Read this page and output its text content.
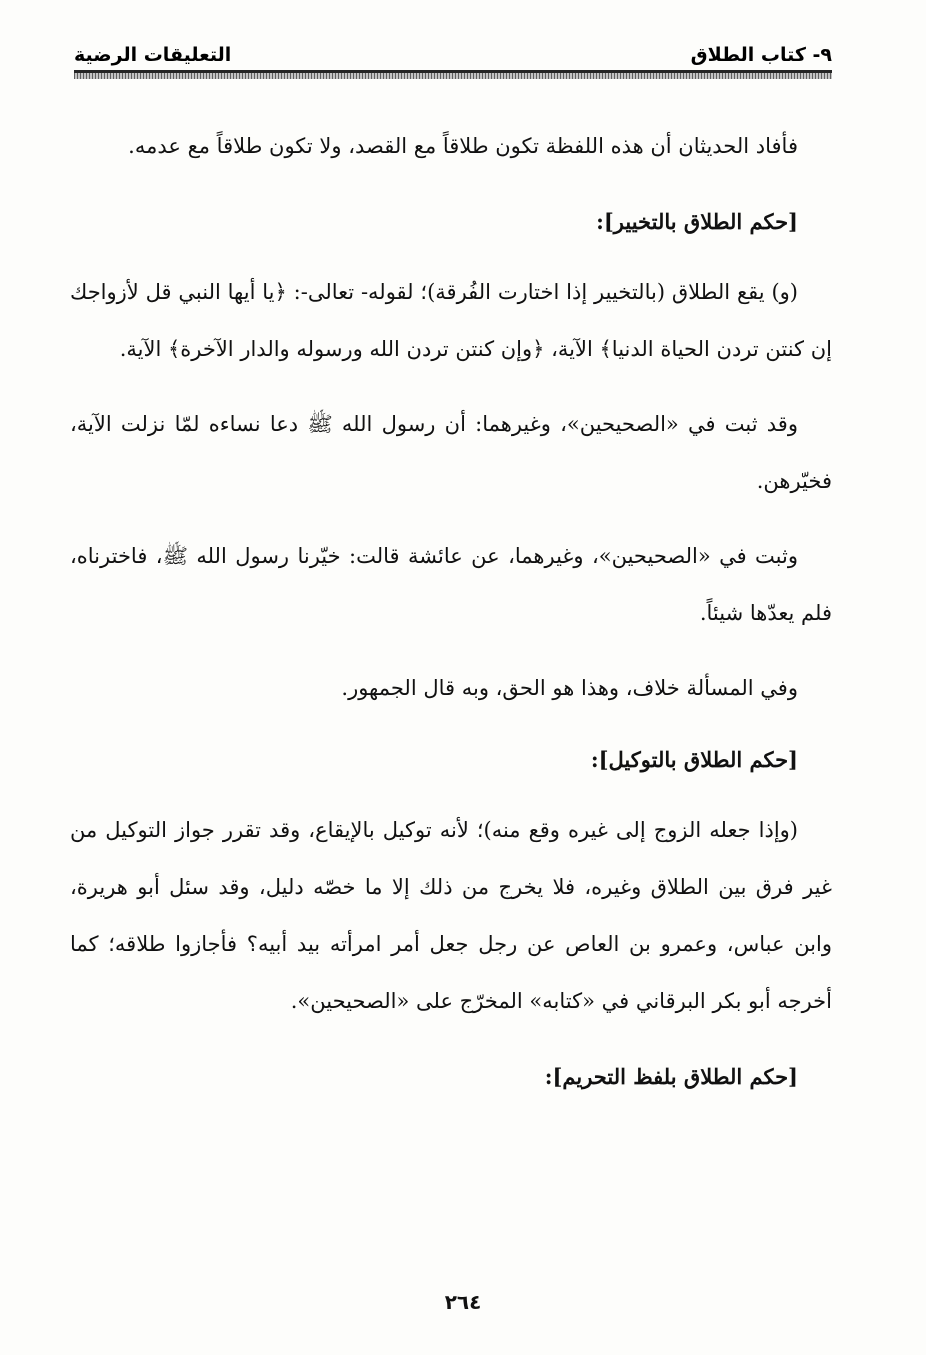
٩- كتاب الطلاق
التعليقات الرضية

فأفاد الحديثان أن هذه اللفظة تكون طلاقاً مع القصد، ولا تكون طلاقاً مع عدمه.

[حكم الطلاق بالتخيير]:

(و) يقع الطلاق (بالتخيير إذا اختارت الفُرقة)؛ لقوله- تعالى-: ﴿يا أيها النبي قل لأزواجك إن كنتن تردن الحياة الدنيا﴾ الآية، ﴿وإن كنتن تردن الله ورسوله والدار الآخرة﴾ الآية.

وقد ثبت في «الصحيحين»، وغيرهما: أن رسول الله ﷺ دعا نساءه لمّا نزلت الآية، فخيّرهن.

وثبت في «الصحيحين»، وغيرهما، عن عائشة قالت: خيّرنا رسول الله ﷺ، فاخترناه، فلم يعدّها شيئاً.

وفي المسألة خلاف، وهذا هو الحق، وبه قال الجمهور.

[حكم الطلاق بالتوكيل]:

(وإذا جعله الزوج إلى غيره وقع منه)؛ لأنه توكيل بالإيقاع، وقد تقرر جواز التوكيل من غير فرق بين الطلاق وغيره، فلا يخرج من ذلك إلا ما خصّه دليل، وقد سئل أبو هريرة، وابن عباس، وعمرو بن العاص عن رجل جعل أمر امرأته بيد أبيه؟ فأجازوا طلاقه؛ كما أخرجه أبو بكر البرقاني في «كتابه» المخرّج على «الصحيحين».

[حكم الطلاق بلفظ التحريم]:

٢٦٤
